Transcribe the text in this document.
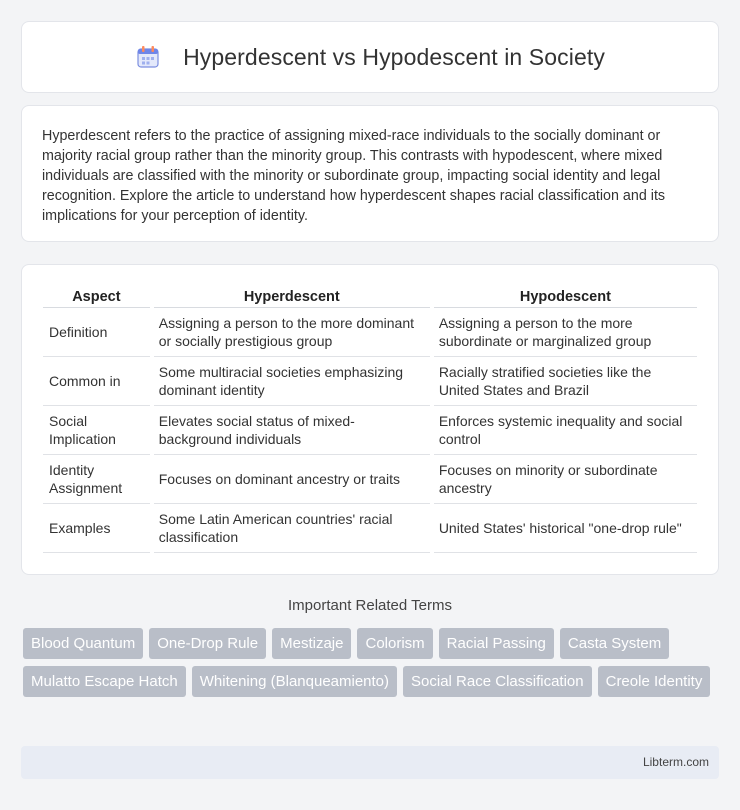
Hyperdescent vs Hypodescent in Society

Hyperdescent refers to the practice of assigning mixed-race individuals to the socially dominant or majority racial group rather than the minority group. This contrasts with hypodescent, where mixed individuals are classified with the minority or subordinate group, impacting social identity and legal recognition. Explore the article to understand how hyperdescent shapes racial classification and its implications for your perception of identity.

Aspect	Hyperdescent	Hypodescent
Definition	Assigning a person to the more dominant or socially prestigious group	Assigning a person to the more subordinate or marginalized group
Common in	Some multiracial societies emphasizing dominant identity	Racially stratified societies like the United States and Brazil
Social Implication	Elevates social status of mixed-background individuals	Enforces systemic inequality and social control
Identity Assignment	Focuses on dominant ancestry or traits	Focuses on minority or subordinate ancestry
Examples	Some Latin American countries' racial classification	United States' historical "one-drop rule"
Important Related Terms
Blood Quantum	One-Drop Rule	Mestizaje	Colorism	Racial Passing	Casta System
Mulatto Escape Hatch	Whitening (Blanqueamiento)	Social Race Classification	Creole Identity
Libterm.com
